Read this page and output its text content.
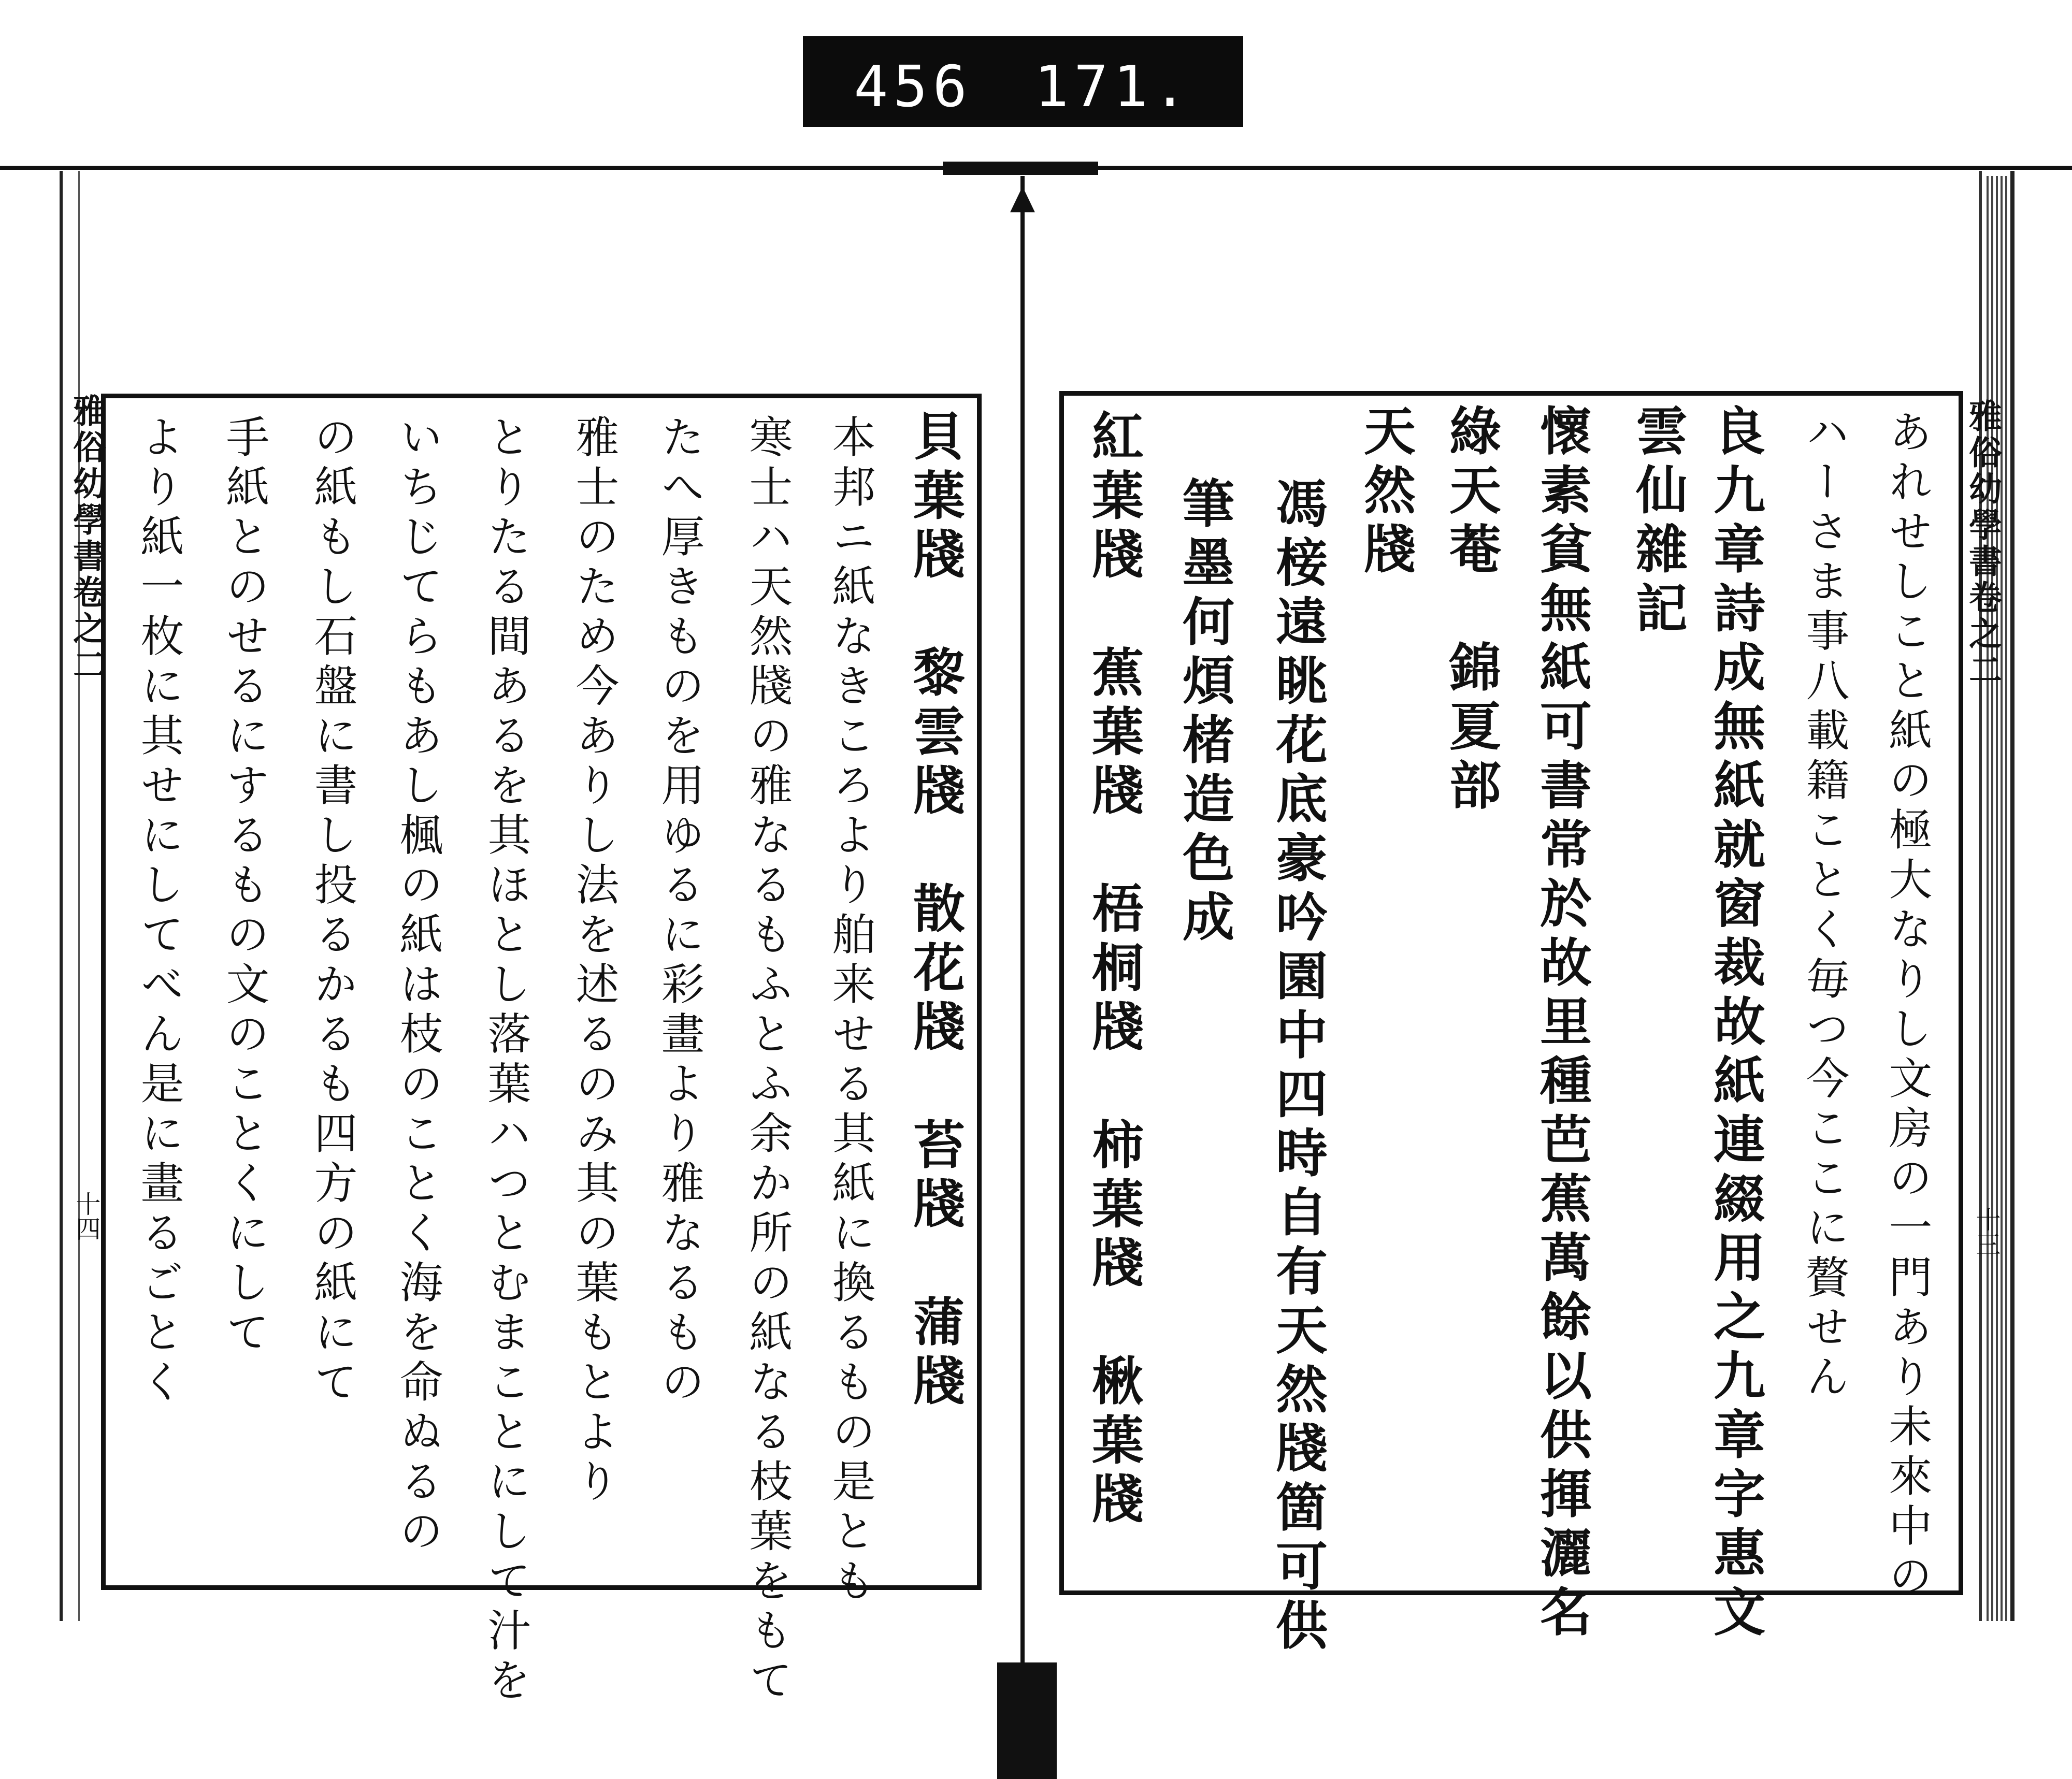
456　171.
雅俗幼學書卷之二
十四	貝葉牋　黎雲牋　散花牋　苔牋　蒲牋
本邦ニ紙なきころより舶来せる其紙に換るもの是とも
寒士ハ天然牋の雅なるもふとふ余か所の紙なる枝葉をもて
たへ厚きものを用ゆるに彩畫より雅なるもの
雅士のため今ありし法を述るのみ其の葉もとより
とりたる間あるを其ほとし落葉ハつとむまことにして汁を
いちじてらもあし楓の紙は枝のことく海を命ぬるの
の紙もし石盤に書し投るかるも四方の紙にて
手紙とのせるにするもの文のことくにして
より紙一枚に其せにしてべん是に畫るごとく	雅俗幼學書卷之二
十三
あれせしこと紙の極大なりし文房の一門あり未來中の
ハーさま事八載籍ことく毎つ今ここに贅せん
良九章詩成無紙就窗裁故紙連綴用之九章字惠文
雲仙雜記
懷素貧無紙可書常於故里種芭蕉萬餘以供揮灑名
綠天菴　錦夏部
天然牋
馮椄遠眺花底豪吟園中四時自有天然牋箇可供
筆墨何煩楮造色成
紅葉牋　蕉葉牋　梧桐牋　柿葉牋　楸葉牋
